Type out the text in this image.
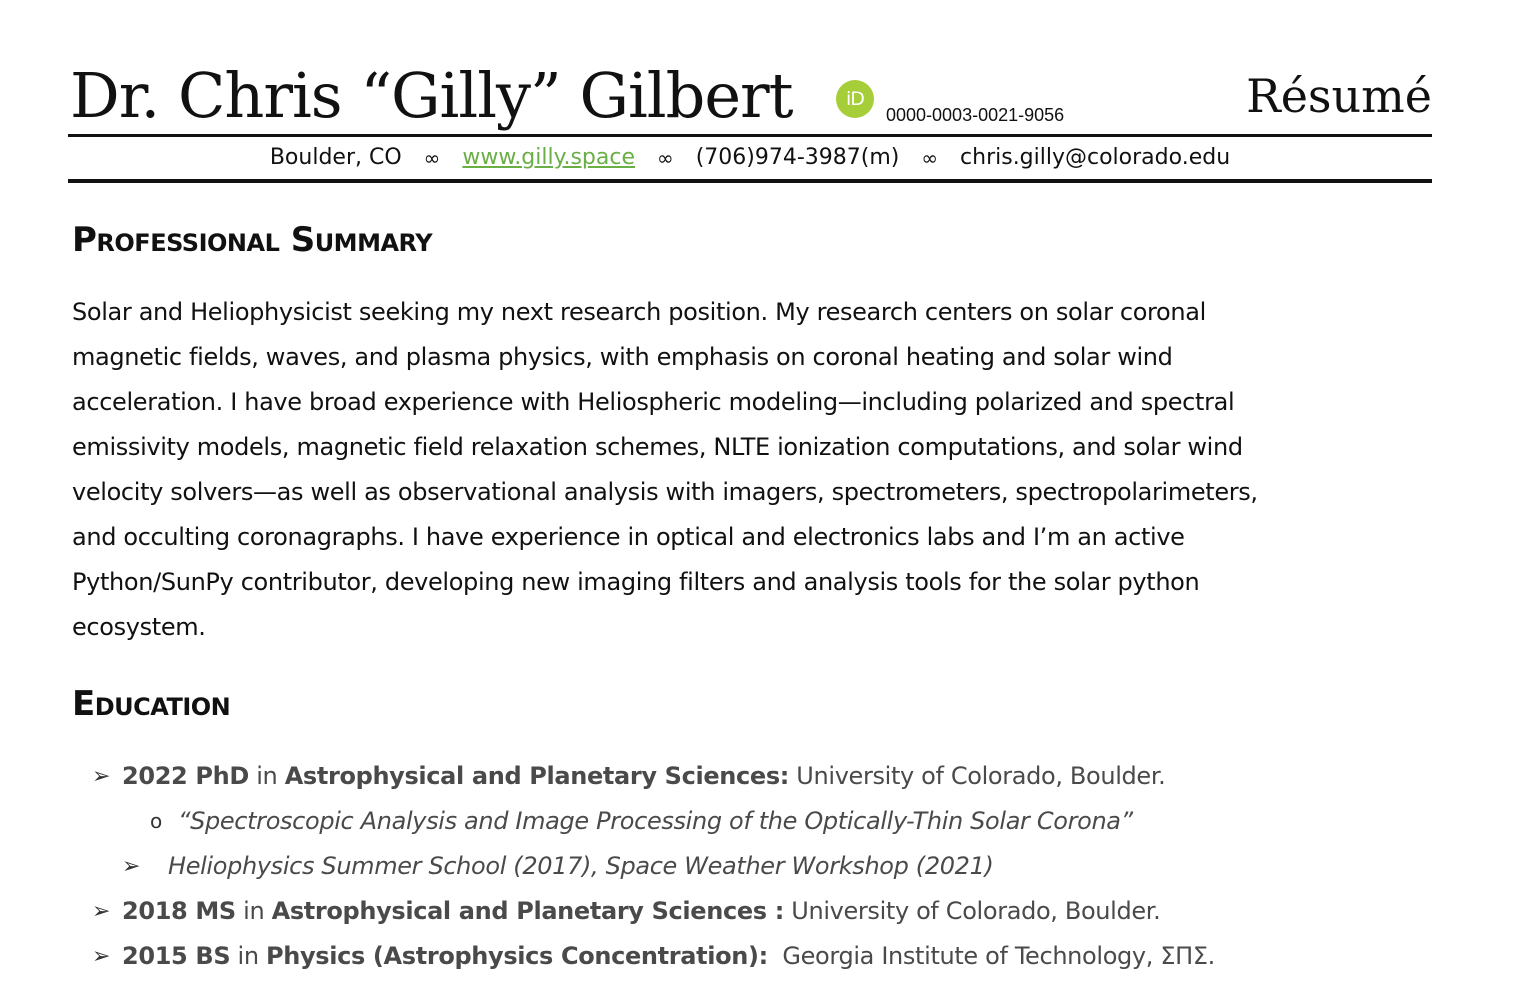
Dr. Chris “Gilly” Gilbert	iD
0000-0003-0021-9056	Résumé
Boulder, CO ∞ www.gilly.space ∞ (706)974-3987(m) ∞ chris.gilly@colorado.edu
Professional Summary
Solar and Heliophysicist seeking my next research position. My research centers on solar coronal
magnetic fields, waves, and plasma physics, with emphasis on coronal heating and solar wind
acceleration. I have broad experience with Heliospheric modeling—including polarized and spectral
emissivity models, magnetic field relaxation schemes, NLTE ionization computations, and solar wind
velocity solvers—as well as observational analysis with imagers, spectrometers, spectropolarimeters,
and occulting coronagraphs. I have experience in optical and electronics labs and I’m an active
Python/SunPy contributor, developing new imaging filters and analysis tools for the solar python
ecosystem.
Education
➢ 2022 PhD in Astrophysical and Planetary Sciences: University of Colorado, Boulder.
o “Spectroscopic Analysis and Image Processing of the Optically-Thin Solar Corona”
➢ Heliophysics Summer School (2017), Space Weather Workshop (2021)
➢ 2018 MS in Astrophysical and Planetary Sciences : University of Colorado, Boulder.
➢ 2015 BS in Physics (Astrophysics Concentration):  Georgia Institute of Technology, ΣΠΣ.
